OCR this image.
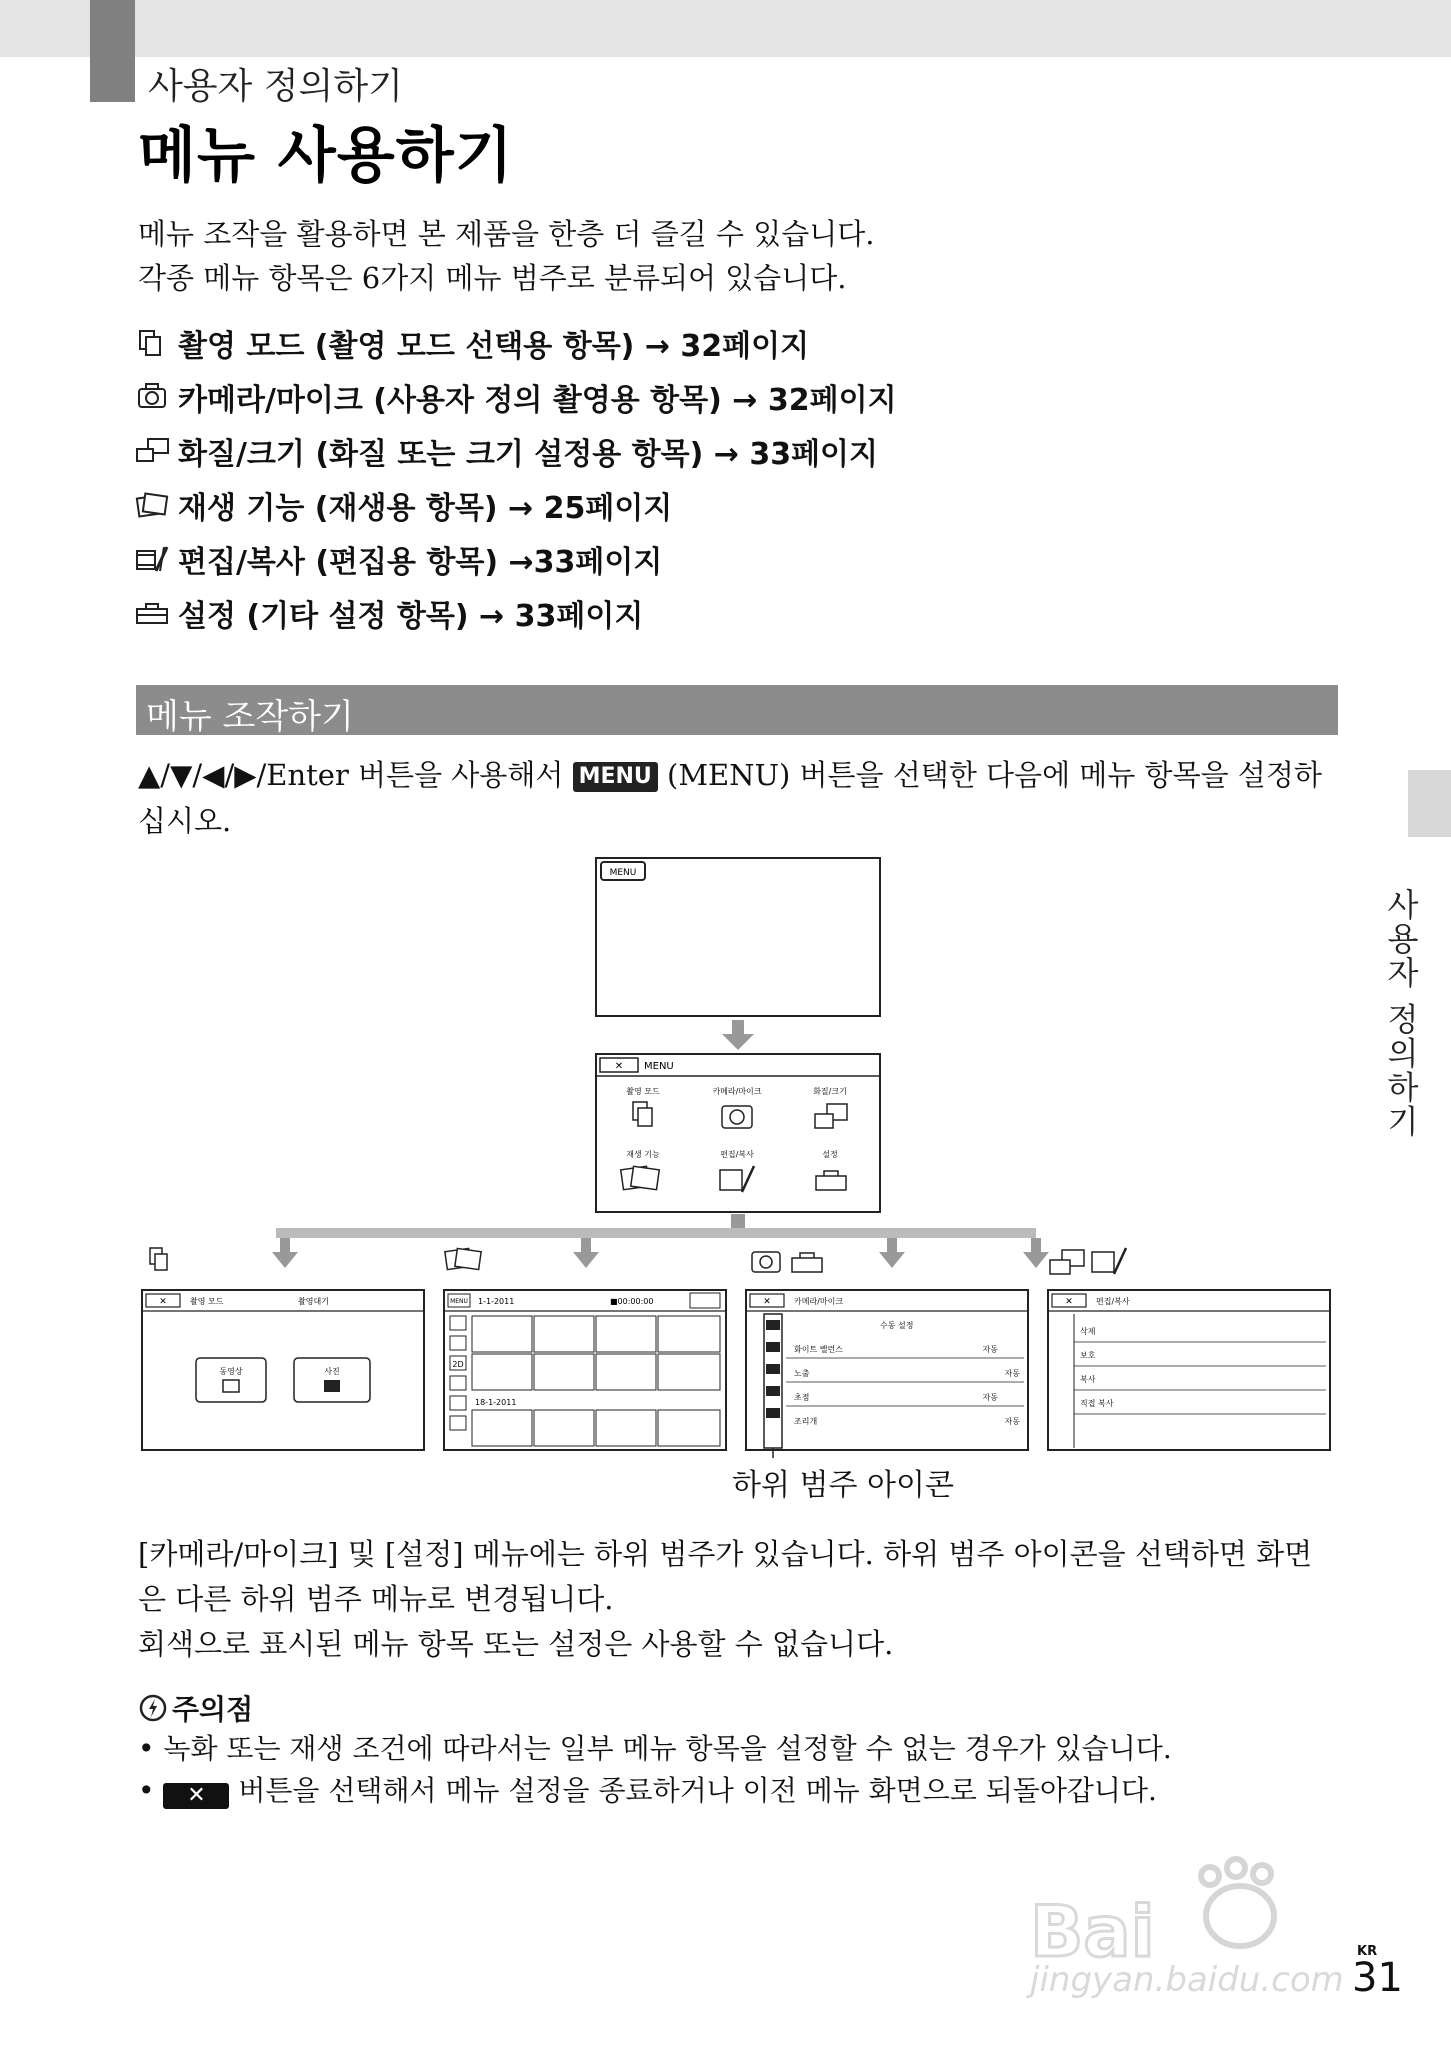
사용자 정의하기
메뉴 사용하기
메뉴 조작을 활용하면 본 제품을 한층 더 즐길 수 있습니다.
각종 메뉴 항목은 6가지 메뉴 범주로 분류되어 있습니다.
촬영 모드 (촬영 모드 선택용 항목) → 32페이지
카메라/마이크 (사용자 정의 촬영용 항목) → 32페이지
화질/크기 (화질 또는 크기 설정용 항목) → 33페이지
재생 기능 (재생용 항목) → 25페이지
편집/복사 (편집용 항목) →33페이지
설정 (기타 설정 항목) → 33페이지
메뉴 조작하기
사용자 정의하기
▲/▼/◀/▶/Enter 버튼을 사용해서 MENU (MENU) 버튼을 선택한 다음에 메뉴 항목을 설정하십시오.
MENU
✕ MENU
촬영 모드	카메라/마이크	화질/크기
재생 기능	편집/복사	설정
✕	촬영 모드	촬영대기
동영상	사진
MENU 1-1-2011	■00:00:00
2D
18-1-2011
✕	카메라/마이크
수동 설정
화이트 밸런스	자동
노출	자동
초점	자동
조리개	자동
✕	편집/복사
삭제
보호
복사
직접 복사
하위 범주 아이콘
[카메라/마이크] 및 [설정] 메뉴에는 하위 범주가 있습니다. 하위 범주 아이콘을 선택하면 화면은 다른 하위 범주 메뉴로 변경됩니다.
회색으로 표시된 메뉴 항목 또는 설정은 사용할 수 없습니다.
주의점
• 녹화 또는 재생 조건에 따라서는 일부 메뉴 항목을 설정할 수 없는 경우가 있습니다.
• ✕ 버튼을 선택해서 메뉴 설정을 종료하거나 이전 메뉴 화면으로 되돌아갑니다.
Bai
jingyan.baidu.com
KR
31
